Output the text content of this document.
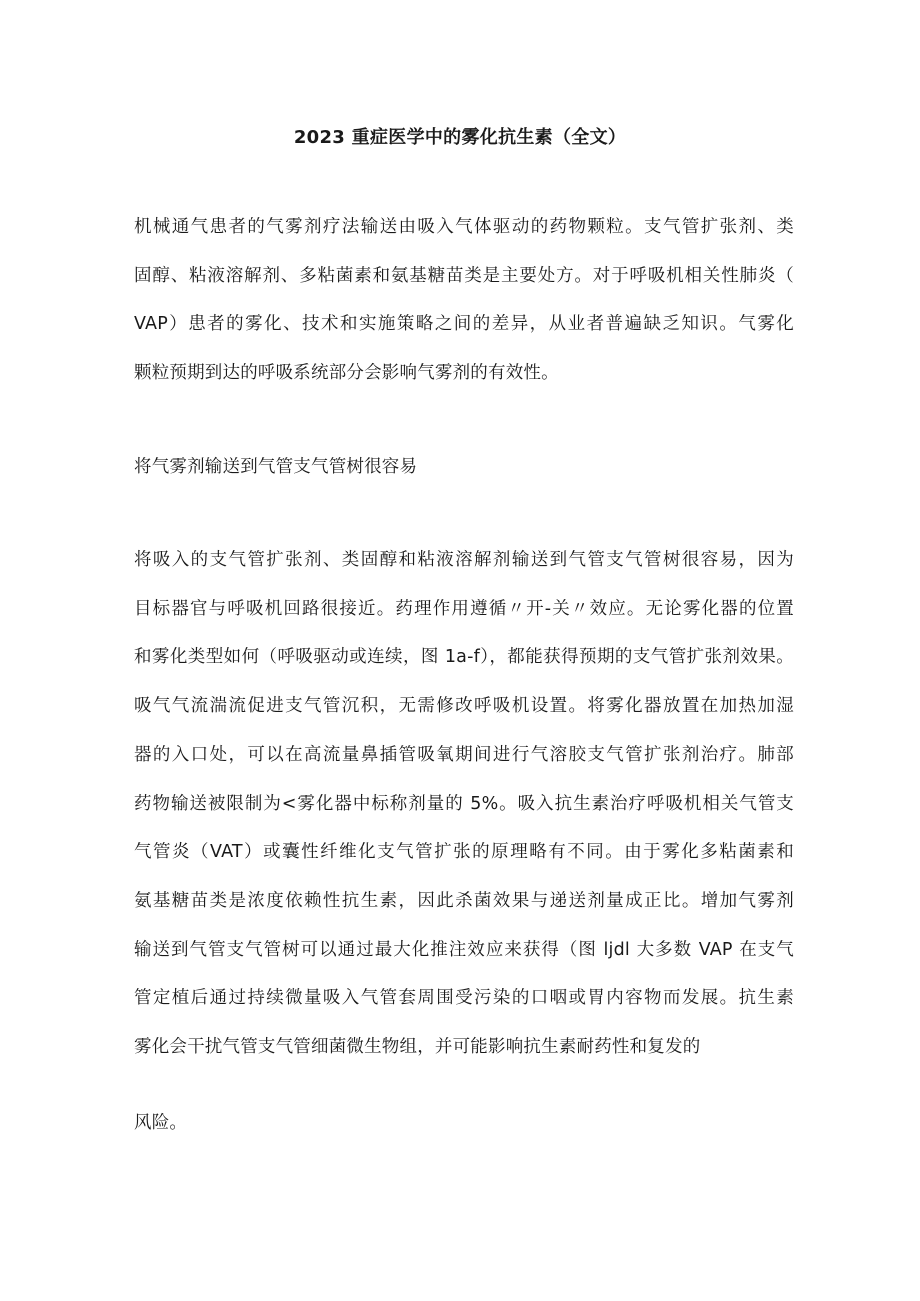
2023 重症医学中的雾化抗生素（全文）
机械通气患者的气雾剂疗法输送由吸入气体驱动的药物颗粒。支气管扩张剂、类
固醇、粘液溶解剂、多粘菌素和氨基糖苗类是主要处方。对于呼吸机相关性肺炎（
VAP）患者的雾化、技术和实施策略之间的差异，从业者普遍缺乏知识。气雾化
颗粒预期到达的呼吸系统部分会影响气雾剂的有效性。
将气雾剂输送到气管支气管树很容易
将吸入的支气管扩张剂、类固醇和粘液溶解剂输送到气管支气管树很容易，因为
目标器官与呼吸机回路很接近。药理作用遵循〃开-关〃效应。无论雾化器的位置
和雾化类型如何（呼吸驱动或连续，图 1a-f），都能获得预期的支气管扩张剂效果。
吸气气流湍流促进支气管沉积，无需修改呼吸机设置。将雾化器放置在加热加湿
器的入口处，可以在高流量鼻插管吸氧期间进行气溶胶支气管扩张剂治疗。肺部
药物输送被限制为<雾化器中标称剂量的 5%。吸入抗生素治疗呼吸机相关气管支
气管炎（VAT）或囊性纤维化支气管扩张的原理略有不同。由于雾化多粘菌素和
氨基糖苗类是浓度依赖性抗生素，因此杀菌效果与递送剂量成正比。增加气雾剂
输送到气管支气管树可以通过最大化推注效应来获得（图 ljdl 大多数 VAP 在支气
管定植后通过持续微量吸入气管套周围受污染的口咽或胃内容物而发展。抗生素
雾化会干扰气管支气管细菌微生物组，并可能影响抗生素耐药性和复发的
风险。
